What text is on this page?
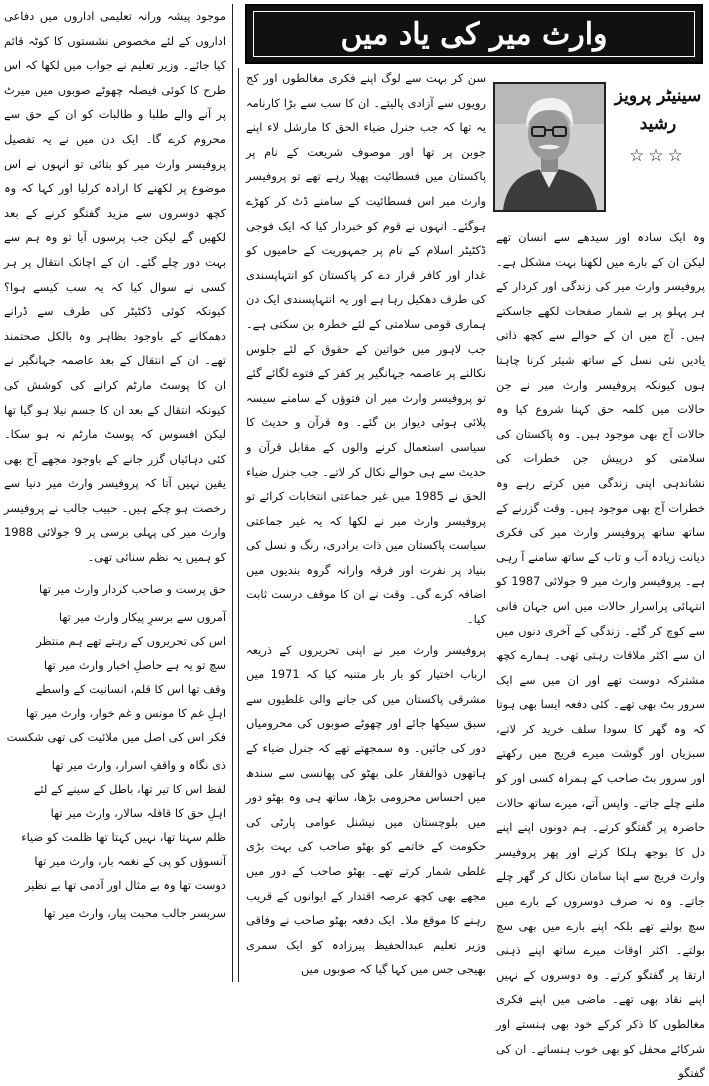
وارث میر کی یاد میں
سینیٹر پرویز رشید
☆☆☆

وہ ایک سادہ اور سیدھے سے انسان تھے لیکن ان کے بارے میں لکھنا بہت مشکل ہے۔ پروفیسر وارث میر کی زندگی اور کردار کے ہر پہلو پر بے شمار صفحات لکھے جاسکتے ہیں۔ آج میں ان کے حوالے سے کچھ ذاتی یادیں نئی نسل کے ساتھ شیئر کرنا چاہتا ہوں کیونکہ پروفیسر وارث میر نے جن حالات میں کلمہ حق کہنا شروع کیا وہ حالات آج بھی موجود ہیں۔ وہ پاکستان کی سلامتی کو درپیش جن خطرات کی نشاندہی اپنی زندگی میں کرتے رہے وہ خطرات آج بھی موجود ہیں۔ وقت گزرنے کے ساتھ ساتھ پروفیسر وارث میر کی فکری دیانت زیادہ آب و تاب کے ساتھ سامنے آ رہی ہے۔ پروفیسر وارث میر 9 جولائی 1987 کو انتہائی پراسرار حالات میں اس جہان فانی سے کوچ کر گئے۔ زندگی کے آخری دنوں میں ان سے اکثر ملاقات رہتی تھی۔ ہمارے کچھ مشترکہ دوست تھے اور ان میں سے ایک سرور بٹ بھی تھے۔ کئی دفعہ ایسا بھی ہوتا کہ وہ گھر کا سودا سلف خرید کر لاتے، سبزیاں اور گوشت میرے فریج میں رکھتے اور سرور بٹ صاحب کے ہمراہ کسی اور کو ملنے چلے جاتے۔ واپس آتے، میرے ساتھ حالات حاضرہ پر گفتگو کرتے۔ ہم دونوں اپنے اپنے دل کا بوجھ ہلکا کرتے اور پھر پروفیسر وارث فریج سے اپنا سامان نکال کر گھر چلے جاتے۔ وہ نہ صرف دوسروں کے بارے میں سچ بولتے تھے بلکہ اپنے بارے میں بھی سچ بولتے۔ اکثر اوقات میرے ساتھ اپنے ذہنی ارتقا پر گفتگو کرتے۔ وہ دوسروں کے نہیں اپنے نقاد بھی تھے۔ ماضی میں اپنے فکری مغالطوں کا ذکر کرکے خود بھی ہنستے اور شرکائے محفل کو بھی خوب ہنساتے۔ ان کی گفتگو

سن کر بہت سے لوگ اپنے فکری مغالطوں اور کج رویوں سے آزادی پالیتے۔ ان کا سب سے بڑا کارنامہ یہ تھا کہ جب جنرل ضیاء الحق کا مارشل لاء اپنے جوبن پر تھا اور موصوف شریعت کے نام پر پاکستان میں فسطائیت پھیلا رہے تھے تو پروفیسر وارث میر اس فسطائیت کے سامنے ڈٹ کر کھڑے ہوگئے۔ انہوں نے قوم کو خبردار کیا کہ ایک فوجی ڈکٹیٹر اسلام کے نام پر جمہوریت کے حامیوں کو غدار اور کافر قرار دے کر پاکستان کو انتہاپسندی کی طرف دھکیل رہا ہے اور یہ انتہاپسندی ایک دن ہماری قومی سلامتی کے لئے خطرہ بن سکتی ہے۔ جب لاہور میں خواتین کے حقوق کے لئے جلوس نکالنے پر عاصمہ جہانگیر پر کفر کے فتوے لگائے گئے تو پروفیسر وارث میر ان فتوؤں کے سامنے سیسہ پلائی ہوئی دیوار بن گئے۔ وہ قرآن و حدیث کا سیاسی استعمال کرنے والوں کے مقابل قرآن و حدیث سے ہی حوالے نکال کر لاتے۔ جب جنرل ضیاء الحق نے 1985 میں غیر جماعتی انتخابات کرائے تو پروفیسر وارث میر نے لکھا کہ یہ غیر جماعتی سیاست پاکستان میں ذات برادری، رنگ و نسل کی بنیاد پر نفرت اور فرقہ وارانہ گروہ بندیوں میں اضافہ کرے گی۔ وقت نے ان کا موقف درست ثابت کیا۔

پروفیسر وارث میر نے اپنی تحریروں کے ذریعہ ارباب اختیار کو بار بار متنبہ کیا کہ 1971 میں مشرقی پاکستان میں کی جانے والی غلطیوں سے سبق سیکھا جائے اور چھوٹے صوبوں کی محرومیاں دور کی جائیں۔ وہ سمجھتے تھے کہ جنرل ضیاء کے ہاتھوں ذوالفقار علی بھٹو کی پھانسی سے سندھ میں احساس محرومی بڑھا، ساتھ ہی وہ بھٹو دور میں بلوچستان میں نیشنل عوامی پارٹی کی حکومت کے خاتمے کو بھٹو صاحب کی بہت بڑی غلطی شمار کرتے تھے۔ بھٹو صاحب کے دور میں مجھے بھی کچھ عرصہ اقتدار کے ایوانوں کے قریب رہنے کا موقع ملا۔ ایک دفعہ بھٹو صاحب نے وفاقی وزیر تعلیم عبدالحفیظ پیرزادہ کو ایک سمری بھیجی جس میں کہا گیا کہ صوبوں میں

موجود پیشہ ورانہ تعلیمی اداروں میں دفاعی اداروں کے لئے مخصوص نشستوں کا کوٹہ قائم کیا جائے۔ وزیر تعلیم نے جواب میں لکھا کہ اس طرح کا کوئی فیصلہ چھوٹے صوبوں میں میرٹ پر آنے والے طلبا و طالبات کو ان کے حق سے محروم کرے گا۔ ایک دن میں نے یہ تفصیل پروفیسر وارث میر کو بتائی تو انہوں نے اس موضوع پر لکھنے کا ارادہ کرلیا اور کہا کہ وہ کچھ دوسروں سے مزید گفتگو کرنے کے بعد لکھیں گے لیکن جب پرسوں آیا تو وہ ہم سے بہت دور چلے گئے۔ ان کے اچانک انتقال پر ہر کسی نے سوال کیا کہ یہ سب کیسے ہوا؟ کیونکہ کوئی ڈکٹیٹر کی طرف سے ڈرانے دھمکانے کے باوجود بظاہر وہ بالکل صحتمند تھے۔ ان کے انتقال کے بعد عاصمہ جہانگیر نے ان کا پوسٹ مارٹم کرانے کی کوشش کی کیونکہ انتقال کے بعد ان کا جسم نیلا ہو گیا تھا لیکن افسوس کہ پوسٹ مارٹم نہ ہو سکا۔ کئی دہائیاں گزر جانے کے باوجود مجھے آج بھی یقین نہیں آتا کہ پروفیسر وارث میر دنیا سے رخصت ہو چکے ہیں۔ حبیب جالب نے پروفیسر وارث میر کی پہلی برسی پر 9 جولائی 1988 کو ہمیں یہ نظم سنائی تھی۔

حق پرست و صاحب کردار وارث میر تھا
آمروں سے برسرِ پیکار وارث میر تھا
اس کی تحریروں کے رہتے تھے ہم منتظر
سچ تو یہ ہے حاصلِ اخبار وارث میر تھا
وقف تھا اس کا قلم، انسانیت کے واسطے
اہلِ غم کا مونس و غم خوار، وارث میر تھا
فکر اس کی اصل میں ملائیت کی تھی شکست
ذی نگاہ و واقفِ اسرار، وارث میر تھا
لفظ اس کا تیر تھا، باطل کے سینے کے لئے
اہلِ حق کا قافلہ سالار، وارث میر تھا
ظلم سہتا تھا، نہیں کہتا تھا ظلمت کو ضیاء
آنسوؤں کو پی کے نغمہ بار، وارث میر تھا
دوست تھا وہ بے مثال اور آدمی تھا بے نظیر
سربسر جالب محبت پیار، وارث میر تھا
